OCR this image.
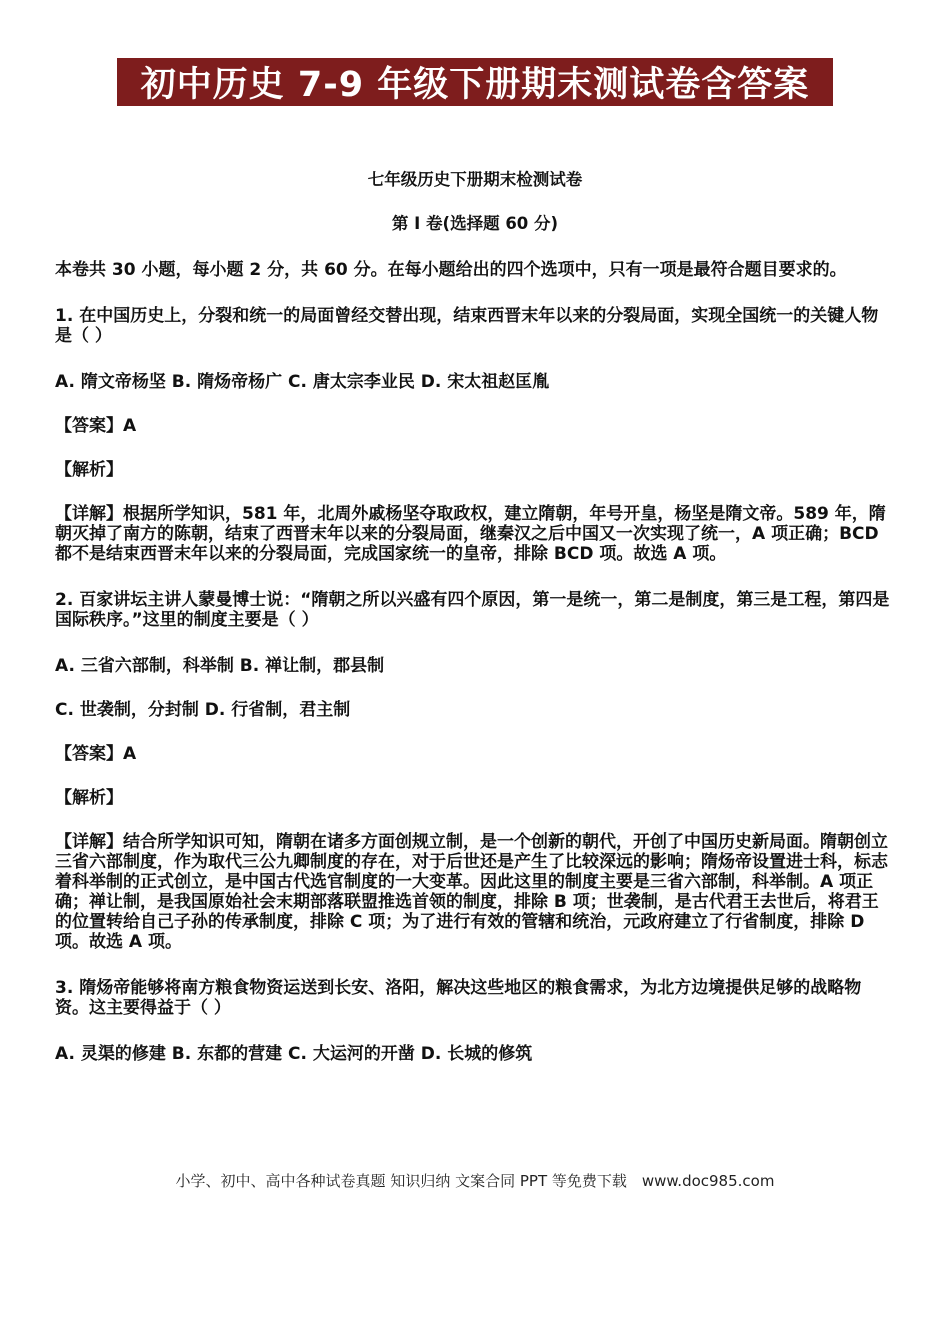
初中历史 7-9 年级下册期末测试卷含答案

七年级历史下册期末检测试卷

第 I 卷(选择题 60 分)

本卷共 30 小题，每小题 2 分，共 60 分。在每小题给出的四个选项中，只有一项是最符合题目要求的。

1. 在中国历史上，分裂和统一的局面曾经交替出现，结束西晋末年以来的分裂局面，实现全国统一的关键人物是（ ）

A. 隋文帝杨坚 B. 隋炀帝杨广 C. 唐太宗李业民 D. 宋太祖赵匡胤

【答案】A

【解析】

【详解】根据所学知识，581 年，北周外戚杨坚夺取政权，建立隋朝，年号开皇，杨坚是隋文帝。589 年，隋朝灭掉了南方的陈朝，结束了西晋末年以来的分裂局面，继秦汉之后中国又一次实现了统一，A 项正确；BCD 都不是结束西晋末年以来的分裂局面，完成国家统一的皇帝，排除 BCD 项。故选 A 项。

2. 百家讲坛主讲人蒙曼博士说：“隋朝之所以兴盛有四个原因，第一是统一，第二是制度，第三是工程，第四是国际秩序。”这里的制度主要是（ ）

A. 三省六部制，科举制 B. 禅让制，郡县制

C. 世袭制，分封制 D. 行省制，君主制

【答案】A

【解析】

【详解】结合所学知识可知，隋朝在诸多方面创规立制，是一个创新的朝代，开创了中国历史新局面。隋朝创立三省六部制度，作为取代三公九卿制度的存在，对于后世还是产生了比较深远的影响；隋炀帝设置进士科，标志着科举制的正式创立，是中国古代选官制度的一大变革。因此这里的制度主要是三省六部制，科举制。A 项正确；禅让制，是我国原始社会末期部落联盟推选首领的制度，排除 B 项；世袭制，是古代君王去世后，将君王的位置转给自己子孙的传承制度，排除 C 项；为了进行有效的管辖和统治，元政府建立了行省制度，排除 D 项。故选 A 项。

3. 隋炀帝能够将南方粮食物资运送到长安、洛阳，解决这些地区的粮食需求，为北方边境提供足够的战略物资。这主要得益于（ ）

A. 灵渠的修建 B. 东都的营建 C. 大运河的开凿 D. 长城的修筑

小学、初中、高中各种试卷真题 知识归纳 文案合同 PPT 等免费下载　www.doc985.com
